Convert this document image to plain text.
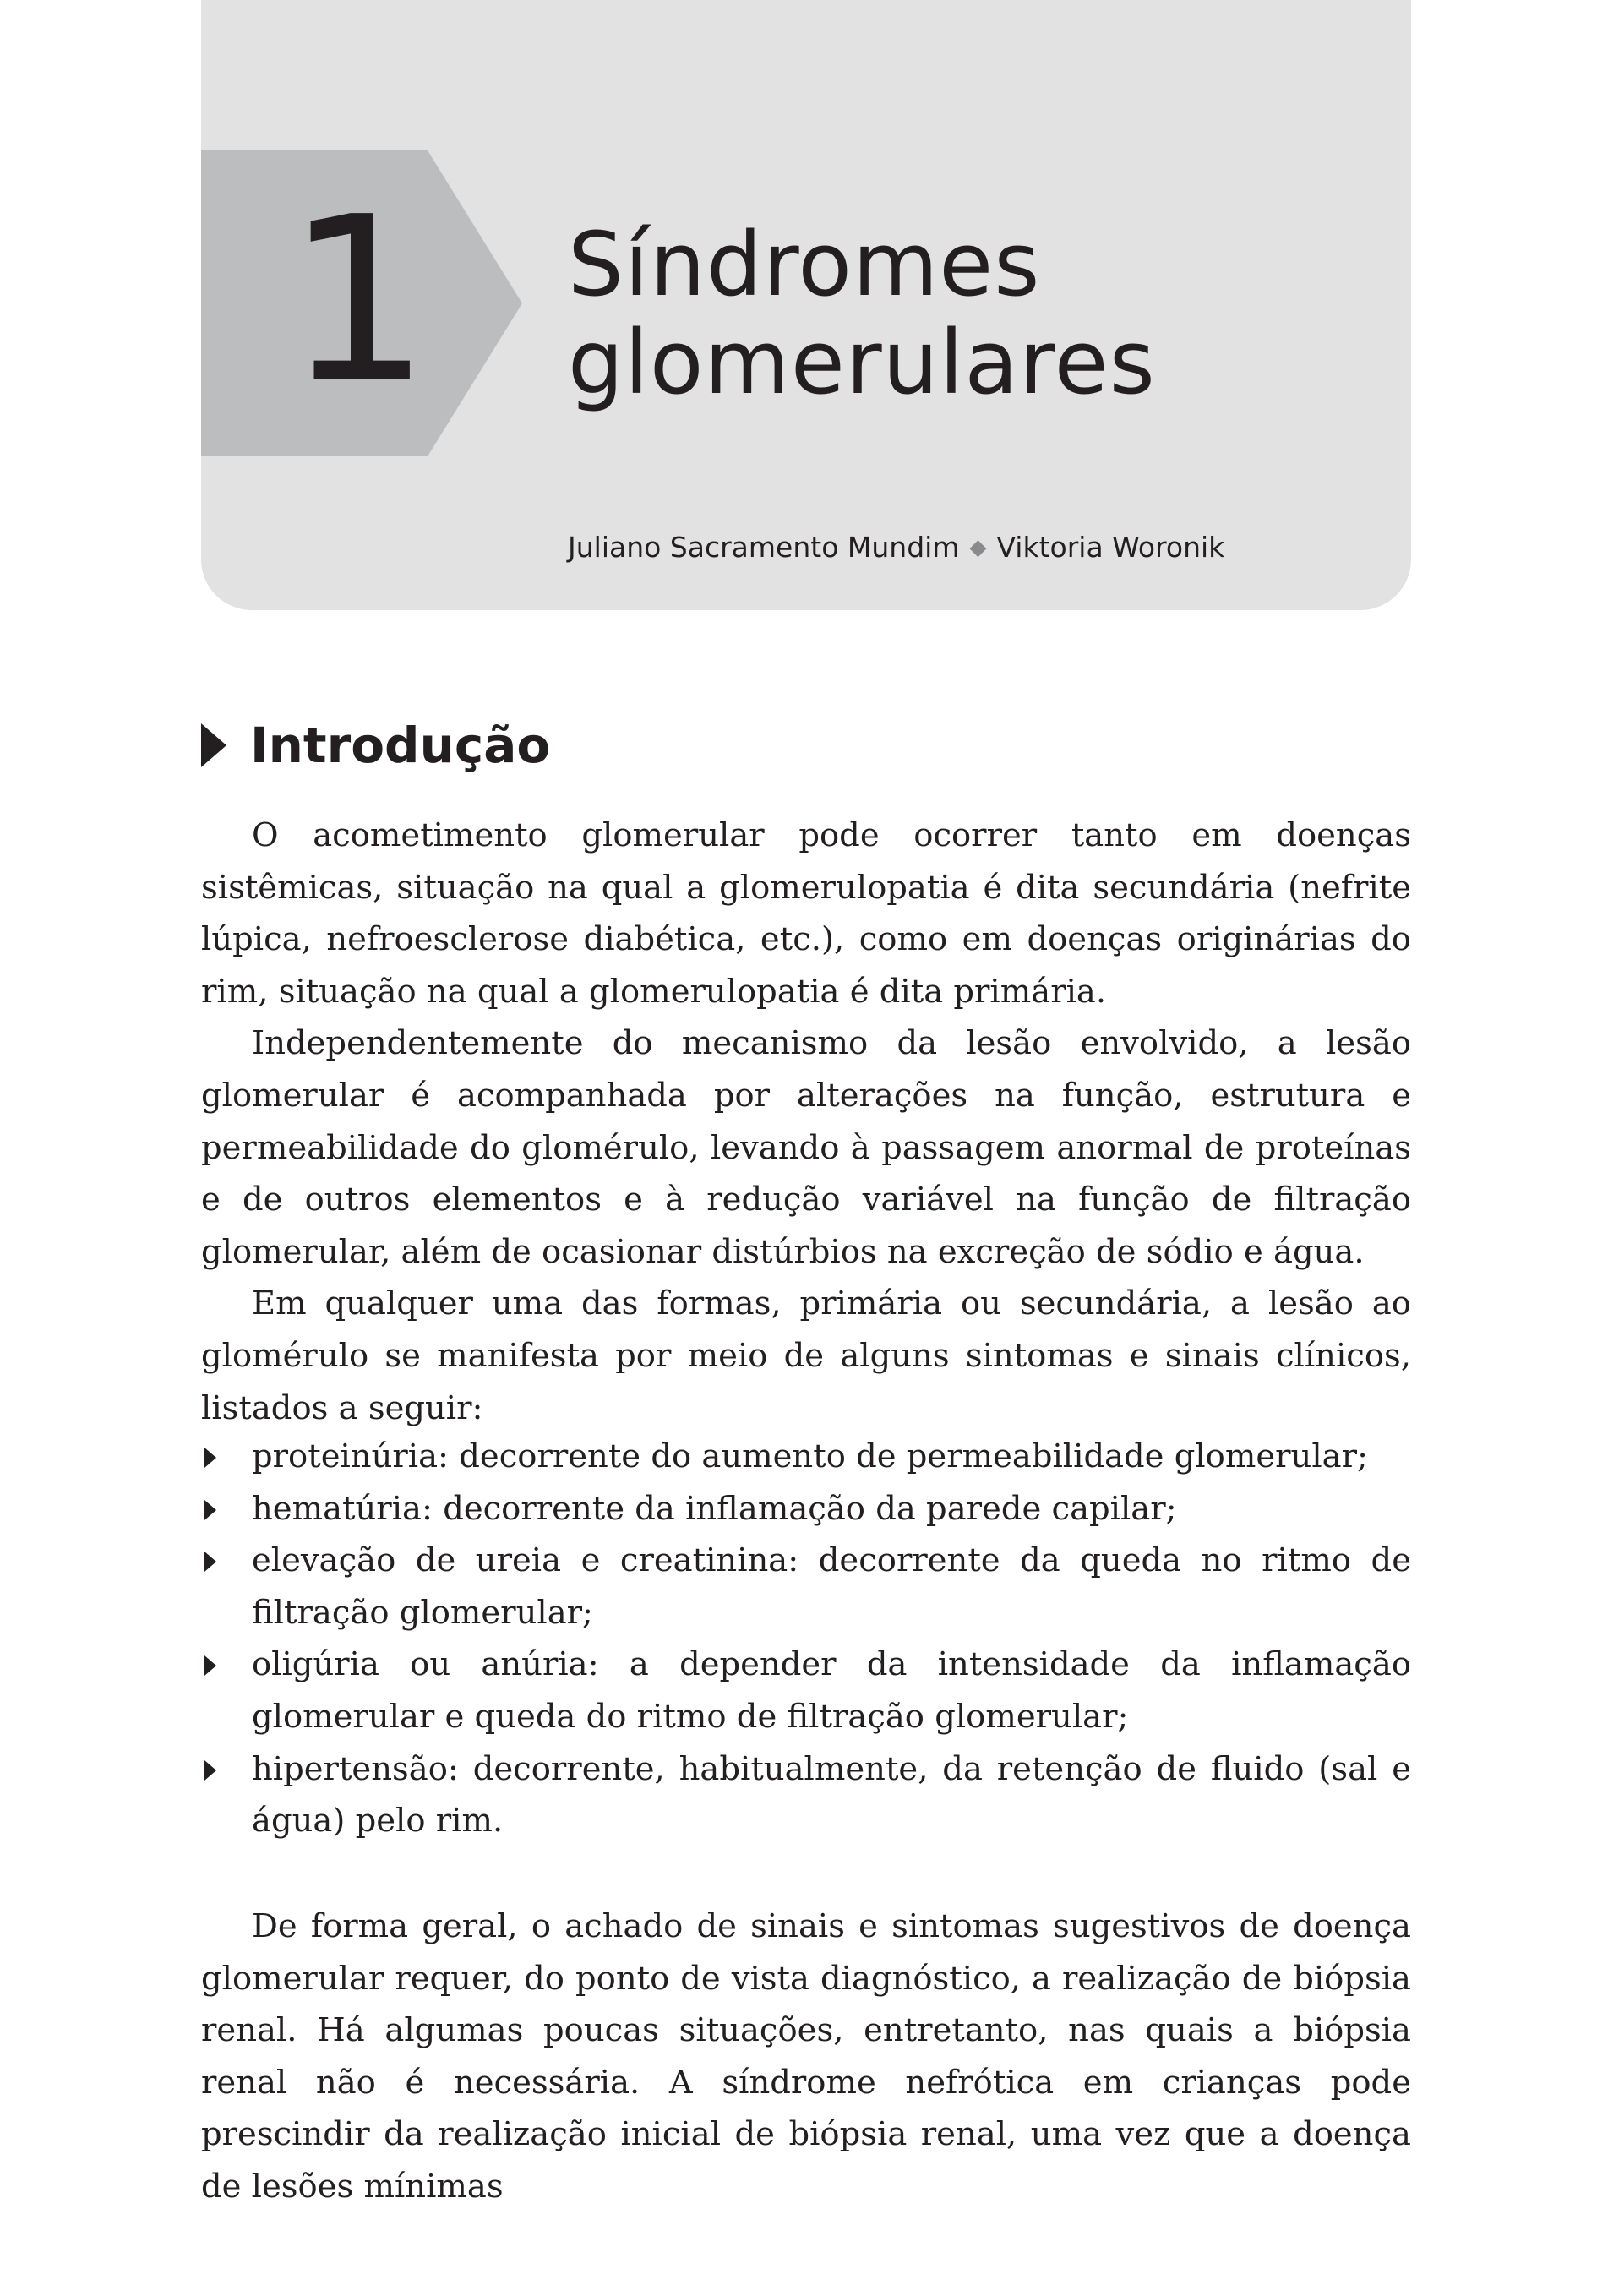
1	Síndromes
glomerulares
Juliano Sacramento Mundim ◆ Viktoria Woronik
Introdução

O acometimento glomerular pode ocorrer tanto em doenças sistêmicas, situação na qual a glomerulopatia é dita secundária (nefrite lúpica, nefroesclerose diabética, etc.), como em doenças originárias do rim, situação na qual a glomerulopatia é dita primária.

Independentemente do mecanismo da lesão envolvido, a lesão glomerular é acompanhada por alterações na função, estrutura e permeabilidade do glomérulo, levando à passagem anormal de proteínas e de outros elementos e à redução variável na função de filtração glomerular, além de ocasionar distúrbios na excreção de sódio e água.

Em qualquer uma das formas, primária ou secundária, a lesão ao glomérulo se manifesta por meio de alguns sintomas e sinais clínicos, listados a seguir:

proteinúria: decorrente do aumento de permeabilidade glomerular;
hematúria: decorrente da inflamação da parede capilar;
elevação de ureia e creatinina: decorrente da queda no ritmo de filtração glomerular;
oligúria ou anúria: a depender da intensidade da inflamação glomerular e queda do ritmo de filtração glomerular;
hipertensão: decorrente, habitualmente, da retenção de fluido (sal e água) pelo rim.

De forma geral, o achado de sinais e sintomas sugestivos de doença glomerular requer, do ponto de vista diagnóstico, a realização de biópsia renal. Há algumas poucas situações, entretanto, nas quais a biópsia renal não é necessária. A síndrome nefrótica em crianças pode prescindir da realização inicial de biópsia renal, uma vez que a doença de lesões mínimas
